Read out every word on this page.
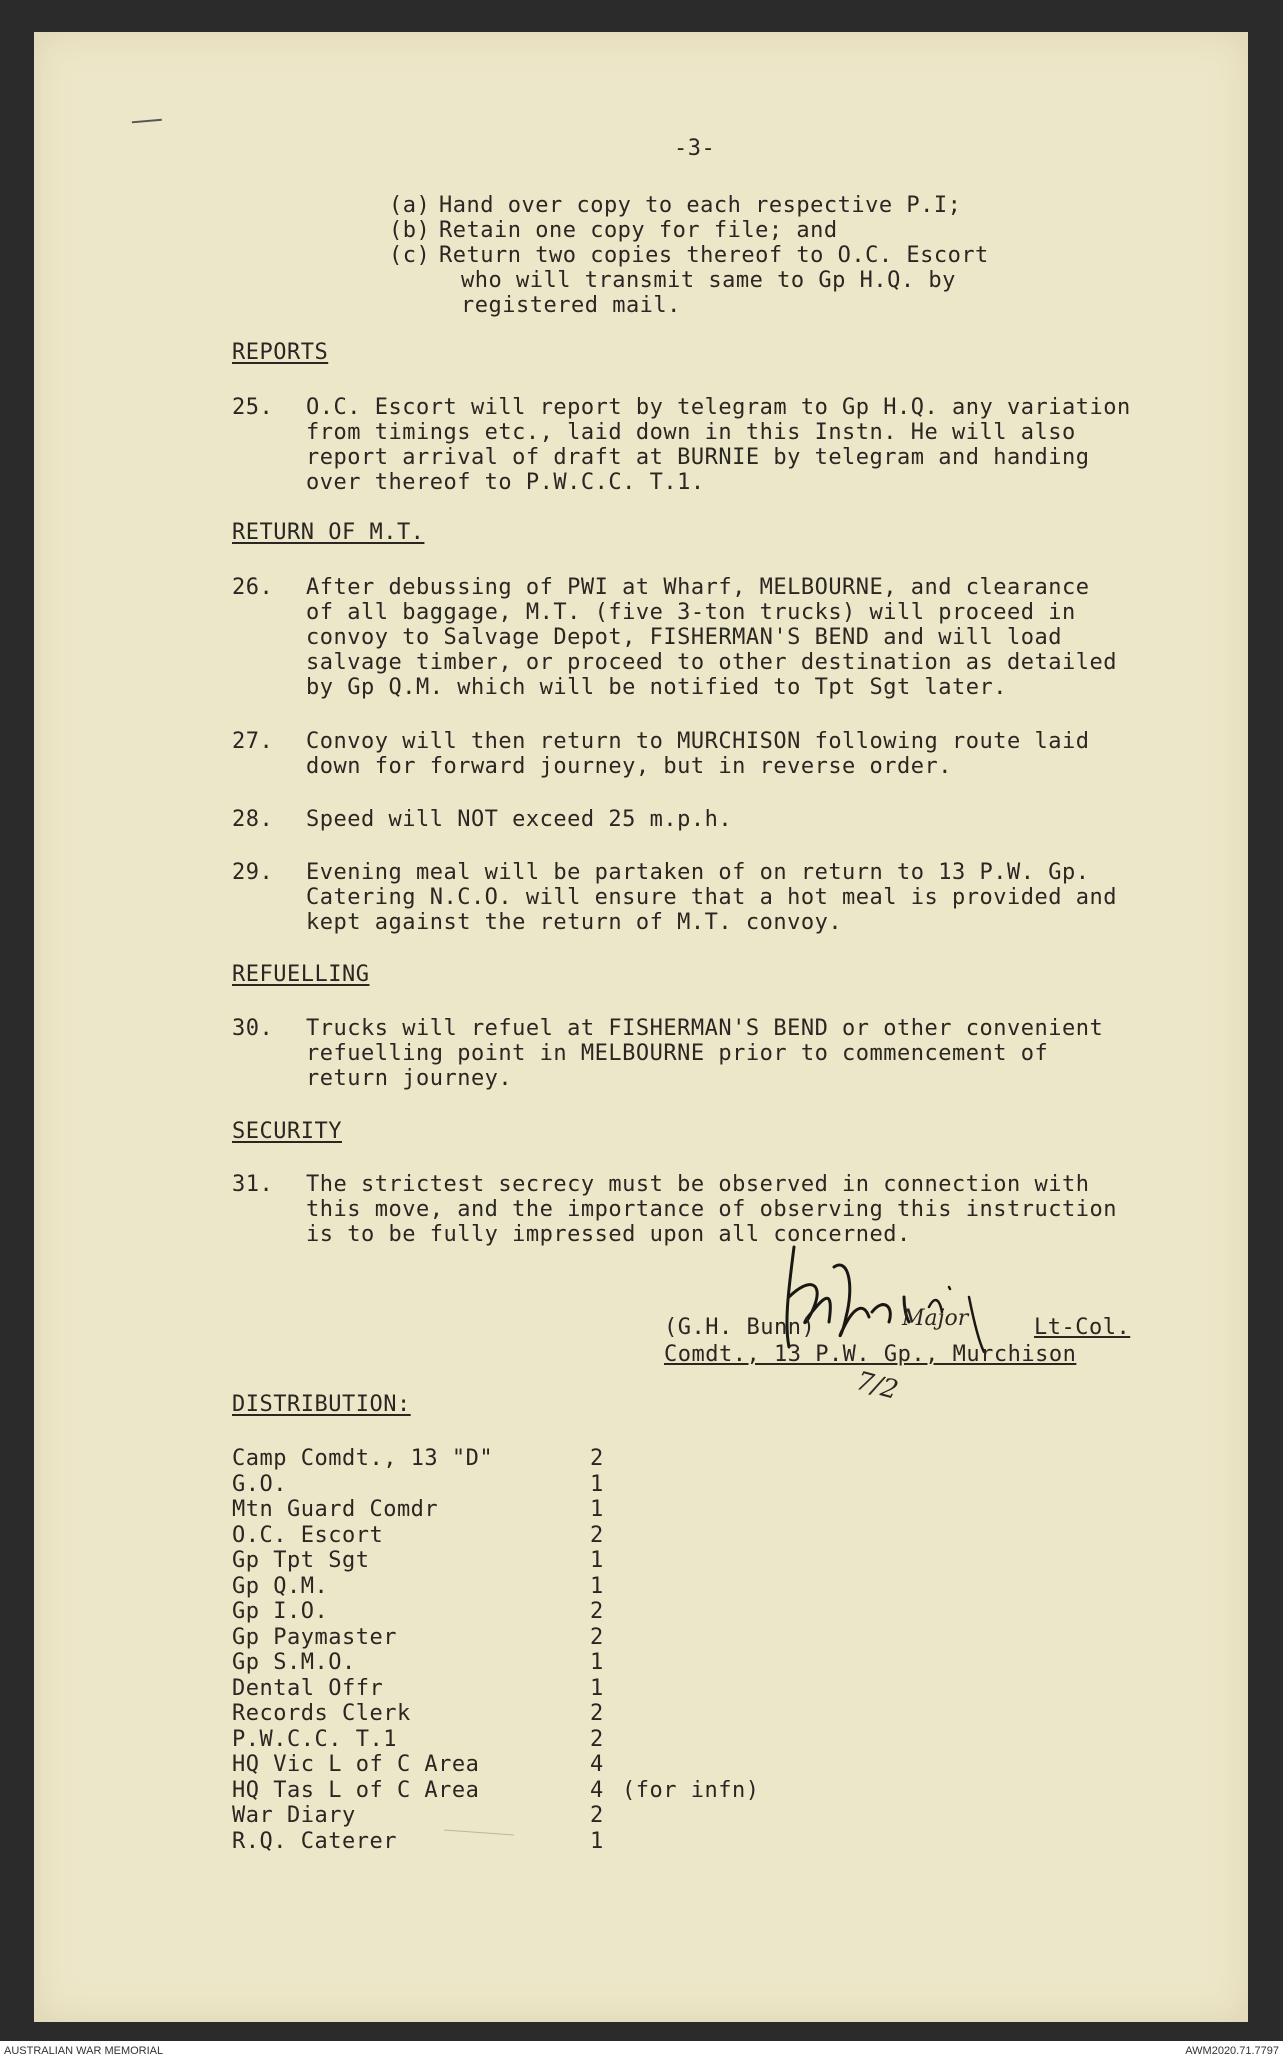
-3-
(a) Hand over copy to each respective P.I;
(b) Retain one copy for file; and
(c) Return two copies thereof to O.C. Escort
who will transmit same to Gp H.Q. by
registered mail.
REPORTS
25. O.C. Escort will report by telegram to Gp H.Q. any variation
from timings etc., laid down in this Instn. He will also
report arrival of draft at BURNIE by telegram and handing
over thereof to P.W.C.C. T.1.
RETURN OF M.T.
26. After debussing of PWI at Wharf, MELBOURNE, and clearance
of all baggage, M.T. (five 3-ton trucks) will proceed in
convoy to Salvage Depot, FISHERMAN'S BEND and will load
salvage timber, or proceed to other destination as detailed
by Gp Q.M. which will be notified to Tpt Sgt later.
27. Convoy will then return to MURCHISON following route laid
down for forward journey, but in reverse order.
28. Speed will NOT exceed 25 m.p.h.
29. Evening meal will be partaken of on return to 13 P.W. Gp.
Catering N.C.O. will ensure that a hot meal is provided and
kept against the return of M.T. convoy.
REFUELLING
30. Trucks will refuel at FISHERMAN'S BEND or other convenient
refuelling point in MELBOURNE prior to commencement of
return journey.
SECURITY
31. The strictest secrecy must be observed in connection with
this move, and the importance of observing this instruction
is to be fully impressed upon all concerned.
Major
(G.H. Bunn)	Lt-Col.
Comdt., 13 P.W. Gp., Murchison
7/2
DISTRIBUTION:
Camp Comdt., 13 "D"	2
G.O.	1
Mtn Guard Comdr	1
O.C. Escort	2
Gp Tpt Sgt	1
Gp Q.M.	1
Gp I.O.	2
Gp Paymaster	2
Gp S.M.O.	1
Dental Offr	1
Records Clerk	2
P.W.C.C. T.1	2
HQ Vic L of C Area	4
HQ Tas L of C Area	4 (for infn)
War Diary	2
R.Q. Caterer	1
AUSTRALIAN WAR MEMORIAL	AWM2020.71.7797
